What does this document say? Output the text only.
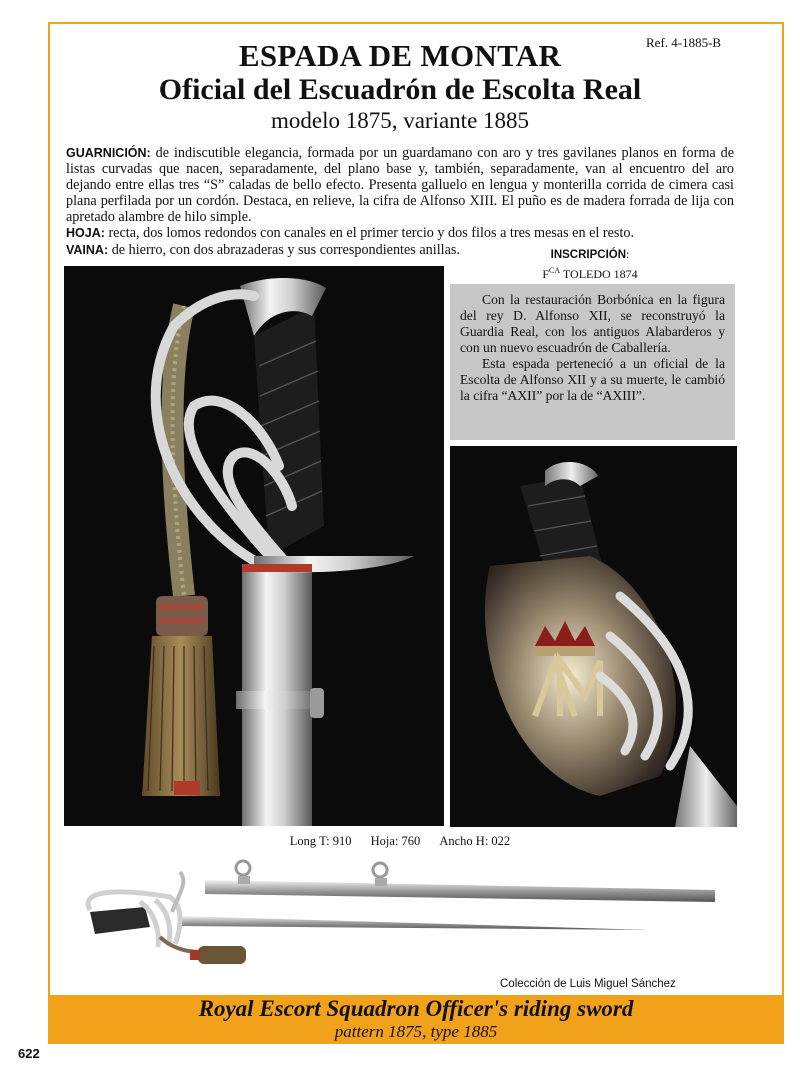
Ref. 4-1885-B
ESPADA DE MONTAR
Oficial del Escuadrón de Escolta Real
modelo 1875, variante 1885
GUARNICIÓN: de indiscutible elegancia, formada por un guardamano con aro y tres gavilanes planos en forma de listas curvadas que nacen, separadamente, del plano base y, también, separadamente, van al encuentro del aro dejando entre ellas tres “S” caladas de bello efecto. Presenta galluelo en lengua y monterilla corrida de cimera casi plana perfilada por un cordón. Destaca, en relieve, la cifra de Alfonso XIII. El puño es de madera forrada de lija con apretado alambre de hilo simple.
HOJA: recta, dos lomos redondos con canales en el primer tercio y dos filos a tres mesas en el resto.
VAINA: de hierro, con dos abrazaderas y sus correspondientes anillas.	INSCRIPCIÓN:
$F^{CA}$ TOLEDO 1874

Con la restauración Borbónica en la figura del rey D. Alfonso XII, se reconstruyó la Guardia Real, con los antiguos Alabarderos y con un nuevo escuadrón de Caballería.

Esta espada perteneció a un oficial de la Escolta de Alfonso XII y a su muerte, le cambió la cifra “AXII” por la de “AXIII”.

Long T: 910 Hoja: 760 Ancho H: 022
Colección de Luis Miguel Sánchez
Royal Escort Squadron Officer's riding sword
pattern 1875, type 1885
622
